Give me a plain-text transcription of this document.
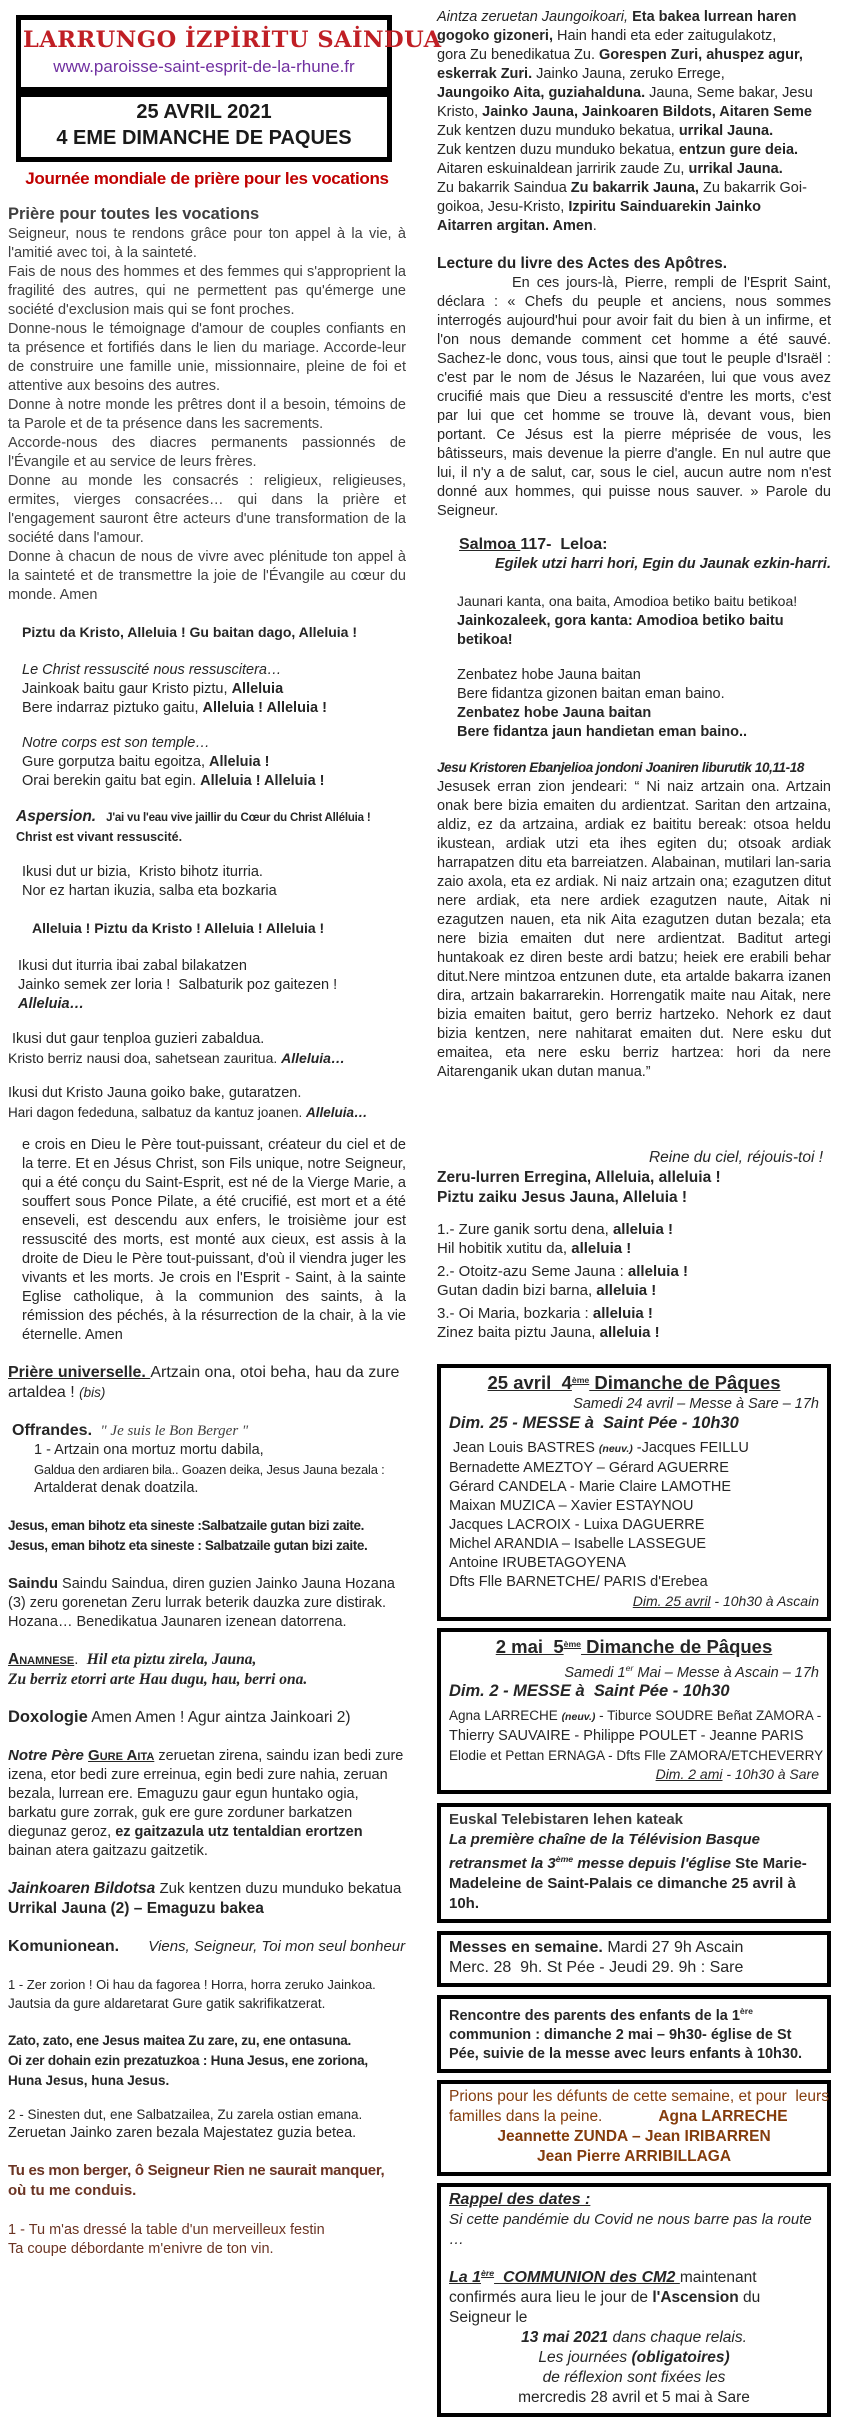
LARRUNGO İZPİRİTU SAİNDUA
www.paroisse-saint-esprit-de-la-rhune.fr
25 AVRIL 2021
4 EME DIMANCHE DE PAQUES
Journée mondiale de prière pour les vocations
Prière pour toutes les vocations
Seigneur, nous te rendons grâce pour ton appel à la vie, à l'amitié avec toi, à la sainteté.
Fais de nous des hommes et des femmes qui s'approprient la fragilité des autres, qui ne permettent pas qu'émerge une société d'exclusion mais qui se font proches.
Donne-nous le témoignage d'amour de couples confiants en ta présence et fortifiés dans le lien du mariage. Accorde-leur de construire une famille unie, missionnaire, pleine de foi et attentive aux besoins des autres.
Donne à notre monde les prêtres dont il a besoin, témoins de ta Parole et de ta présence dans les sacrements.
Accorde-nous des diacres permanents passionnés de l'Évangile et au service de leurs frères.
Donne au monde les consacrés : religieux, religieuses, ermites, vierges consacrées… qui dans la prière et l'engagement sauront être acteurs d'une transformation de la société dans l'amour.
Donne à chacun de nous de vivre avec plénitude ton appel à la sainteté et de transmettre la joie de l'Évangile au cœur du monde. Amen
Piztu da Kristo, Alleluia ! Gu baitan dago, Alleluia !
Le Christ ressuscité nous ressuscitera…
Jainkoak baitu gaur Kristo piztu, Alleluia
Bere indarraz piztuko gaitu, Alleluia ! Alleluia !
Notre corps est son temple…
Gure gorputza baitu egoitza, Alleluia !
Orai berekin gaitu bat egin. Alleluia ! Alleluia !
Aspersion. J'ai vu l'eau vive jaillir du Cœur du Christ Alléluia !
Christ est vivant ressuscité.
Ikusi dut ur bizia,  Kristo bihotz iturria.
Nor ez hartan ikuzia, salba eta bozkaria
Alleluia ! Piztu da Kristo ! Alleluia ! Alleluia !
Ikusi dut iturria ibai zabal bilakatzen
Jainko semek zer loria !  Salbaturik poz gaitezen !
Alleluia…
Ikusi dut gaur tenploa guzieri zabaldua.
Kristo berriz nausi doa, sahetsean zauritua. Alleluia…
Ikusi dut Kristo Jauna goiko bake, gutaratzen.
Hari dagon fededuna, salbatuz da kantuz joanen. Alleluia…
e crois en Dieu le Père tout-puissant, créateur du ciel et de la terre. Et en Jésus Christ, son Fils unique, notre Seigneur, qui a été conçu du Saint-Esprit, est né de la Vierge Marie, a souffert sous Ponce Pilate, a été crucifié, est mort et a été enseveli, est descendu aux enfers, le troisième jour est ressuscité des morts, est monté aux cieux, est assis à la droite de Dieu le Père tout-puissant, d'où il viendra juger les vivants et les morts. Je crois en l'Esprit - Saint, à la sainte Eglise catholique, à la communion des saints, à la rémission des péchés, à la résurrection de la chair, à la vie éternelle. Amen
Prière universelle. Artzain ona, otoi beha, hau da zure artaldea ! (bis)
Offrandes. " Je suis le Bon Berger "
1 - Artzain ona mortuz mortu dabila,
Galdua den ardiaren bila.. Goazen deika, Jesus Jauna bezala :
Artalderat denak doatzila.
Jesus, eman bihotz eta sineste :Salbatzaile gutan bizi zaite.
Jesus, eman bihotz eta sineste : Salbatzaile gutan bizi zaite.
Saindu Saindu Saindua, diren guzien Jainko Jauna Hozana (3) zeru gorenetan Zeru lurrak beterik dauzka zure distirak. Hozana… Benedikatua Jaunaren izenean datorrena.
Anamnese.  Hil eta piztu zirela, Jauna,
Zu berriz etorri arte Hau dugu, hau, berri ona.
Doxologie Amen Amen ! Agur aintza Jainkoari 2)
Notre Père Gure Aita zeruetan zirena, saindu izan bedi zure izena, etor bedi zure erreinua, egin bedi zure nahia, zeruan bezala, lurrean ere. Emaguzu gaur egun huntako ogia, barkatu gure zorrak, guk ere gure zorduner barkatzen diegunaz geroz, ez gaitzazula utz tentaldian erortzen bainan atera gaitzazu gaitzetik.
Jainkoaren Bildotsa Zuk kentzen duzu munduko bekatua
Urrikal Jauna (2) – Emaguzu bakea
Komunionean. Viens, Seigneur, Toi mon seul bonheur
1 - Zer zorion ! Oi hau da fagorea ! Horra, horra zeruko Jainkoa.
Jautsia da gure aldaretarat Gure gatik sakrifikatzerat.
Zato, zato, ene Jesus maitea Zu zare, zu, ene ontasuna.
Oi zer dohain ezin prezatuzkoa : Huna Jesus, ene zoriona,
Huna Jesus, huna Jesus.
2 - Sinesten dut, ene Salbatzailea, Zu zarela ostian emana.
Zeruetan Jainko zaren bezala Majestatez guzia betea.
Tu es mon berger, ô Seigneur Rien ne saurait manquer,
où tu me conduis.
1 - Tu m'as dressé la table d'un merveilleux festin
Ta coupe débordante m'enivre de ton vin.
Aintza zeruetan Jaungoikoari, Eta bakea lurrean haren
gogoko gizoneri, Hain handi eta eder zaitugulakotz,
gora Zu benedikatua Zu. Gorespen Zuri, ahuspez agur,
eskerrak Zuri. Jainko Jauna, zeruko Errege,
Jaungoiko Aita, guziahalduna. Jauna, Seme bakar, Jesu
Kristo, Jainko Jauna, Jainkoaren Bildots, Aitaren Seme
Zuk kentzen duzu munduko bekatua, urrikal Jauna.
Zuk kentzen duzu munduko bekatua, entzun gure deia.
Aitaren eskuinaldean jarririk zaude Zu, urrikal Jauna.
Zu bakarrik Saindua Zu bakarrik Jauna, Zu bakarrik Goi-
goikoa, Jesu-Kristo, Izpiritu Sainduarekin Jainko
Aitarren argitan. Amen.
Lecture du livre des Actes des Apôtres.
En ces jours-là, Pierre, rempli de l'Esprit Saint, déclara : « Chefs du peuple et anciens, nous sommes interrogés aujourd'hui pour avoir fait du bien à un infirme, et l'on nous demande comment cet homme a été sauvé. Sachez-le donc, vous tous, ainsi que tout le peuple d'Israël : c'est par le nom de Jésus le Nazaréen, lui que vous avez crucifié mais que Dieu a ressuscité d'entre les morts, c'est par lui que cet homme se trouve là, devant vous, bien portant. Ce Jésus est la pierre méprisée de vous, les bâtisseurs, mais devenue la pierre d'angle. En nul autre que lui, il n'y a de salut, car, sous le ciel, aucun autre nom n'est donné aux hommes, qui puisse nous sauver. » Parole du Seigneur.
Salmoa 117-  Leloa:
Egilek utzi harri hori, Egin du Jaunak ezkin-harri.
Jaunari kanta, ona baita, Amodioa betiko baitu betikoa!
Jainkozaleek, gora kanta: Amodioa betiko baitu
betikoa!
Zenbatez hobe Jauna baitan
Bere fidantza gizonen baitan eman baino.
Zenbatez hobe Jauna baitan
Bere fidantza jaun handietan eman baino..
Jesu Kristoren Ebanjelioa jondoni Joaniren liburutik 10,11-18
Jesusek erran zion jendeari: “ Ni naiz artzain ona. Artzain onak bere bizia emaiten du ardientzat. Saritan den artzaina, aldiz, ez da artzaina, ardiak ez baititu bereak: otsoa heldu ikustean, ardiak utzi eta ihes egiten du; otsoak ardiak harrapatzen ditu eta barreiatzen. Alabainan, mutilari lan-saria zaio axola, eta ez ardiak. Ni naiz artzain ona; ezagutzen ditut nere ardiak, eta nere ardiek ezagutzen naute, Aitak ni ezagutzen nauen, eta nik Aita ezagutzen dutan bezala; eta nere bizia emaiten dut nere ardientzat. Baditut artegi huntakoak ez diren beste ardi batzu; heiek ere erabili behar ditut.Nere mintzoa entzunen dute, eta artalde bakarra izanen dira, artzain bakarrarekin. Horrengatik maite nau Aitak, nere bizia emaiten baitut, gero berriz hartzeko. Nehork ez daut bizia kentzen, nere nahitarat emaiten dut. Nere esku dut emaitea, eta nere esku berriz hartzea: hori da nere Aitarenganik ukan dutan manua.”
Reine du ciel, réjouis-toi !
Zeru-lurren Erregina, Alleluia, alleluia !
Piztu zaiku Jesus Jauna, Alleluia !
1.- Zure ganik sortu dena, alleluia !
Hil hobitik xutitu da, alleluia !
2.- Otoitz-azu Seme Jauna : alleluia !
Gutan dadin bizi barna, alleluia !
3.- Oi Maria, bozkaria : alleluia !
Zinez baita piztu Jauna, alleluia !
25 avril  4ème Dimanche de Pâques
Samedi 24 avril – Messe à Sare – 17h
Dim. 25 - MESSE à  Saint Pée - 10h30
Jean Louis BASTRES (neuv.) -Jacques FEILLU
Bernadette AMEZTOY – Gérard AGUERRE
Gérard CANDELA - Marie Claire LAMOTHE
Maixan MUZICA – Xavier ESTAYNOU
Jacques LACROIX - Luixa DAGUERRE
Michel ARANDIA – Isabelle LASSEGUE
Antoine IRUBETAGOYENA
Dfts Flle BARNETCHE/ PARIS d'Erebea
Dim. 25 avril - 10h30 à Ascain
2 mai  5ème Dimanche de Pâques
Samedi 1er Mai – Messe à Ascain – 17h
Dim. 2 - MESSE à  Saint Pée - 10h30
Agna LARRECHE (neuv.) - Tiburce SOUDRE Beñat ZAMORA -
Thierry SAUVAIRE - Philippe POULET - Jeanne PARIS
Elodie et Pettan ERNAGA - Dfts Flle ZAMORA/ETCHEVERRY
Dim. 2 ami - 10h30 à Sare
Euskal Telebistaren lehen kateak
La première chaîne de la Télévision Basque retransmet la 3ème messe depuis l'église Ste Marie-Madeleine de Saint-Palais ce dimanche 25 avril à 10h.
Messes en semaine. Mardi 27 9h Ascain
Merc. 28  9h. St Pée - Jeudi 29. 9h : Sare
Rencontre des parents des enfants de la 1ère communion : dimanche 2 mai – 9h30- église de St Pée, suivie de la messe avec leurs enfants à 10h30.
Prions pour les défunts de cette semaine, et pour  leurs
familles dans la peine.             Agna LARRECHE
Jeannette ZUNDA – Jean IRIBARREN
Jean Pierre ARRIBILLAGA
Rappel des dates :
Si cette pandémie du Covid ne nous barre pas la route …
La 1ère  COMMUNION des CM2 maintenant confirmés aura lieu le jour de l'Ascension du Seigneur le
13 mai 2021 dans chaque relais.
Les journées (obligatoires)
de réflexion sont fixées les
mercredis 28 avril et 5 mai à Sare
